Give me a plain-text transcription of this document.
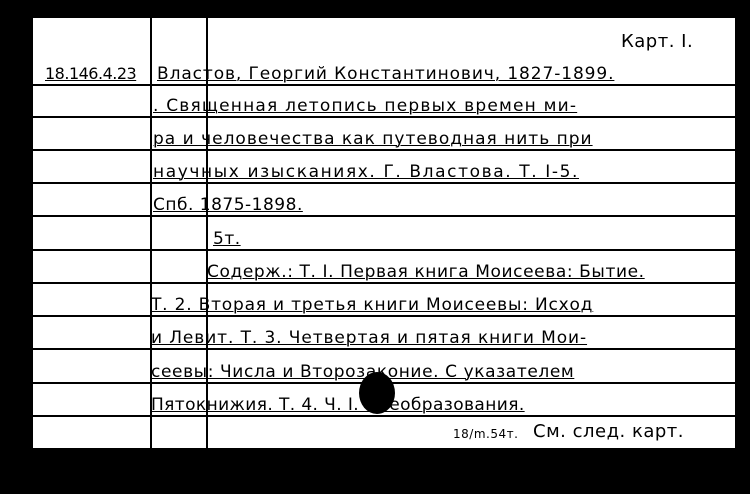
Карт. I.
18.146.4.23 Властов, Георгий Константинович, 1827-1899.
. Священная летопись первых времен ми-
ра и человечества как путеводная нить при
научных изысканиях. Г. Властова. Т. I-5.
Спб. 1875-1898.
5т.
Содерж.: Т. I. Первая книга Моисеева: Бытие.
Т. 2. Вторая и третья книги Моисеевы: Исход
и Левит. Т. 3. Четвертая и пятая книги Мои-
сеевы: Числа и Второзаконие. С указателем
Пятокнижия. Т. 4. Ч. I. Преобразования.
18/m.54т. См. след. карт.
